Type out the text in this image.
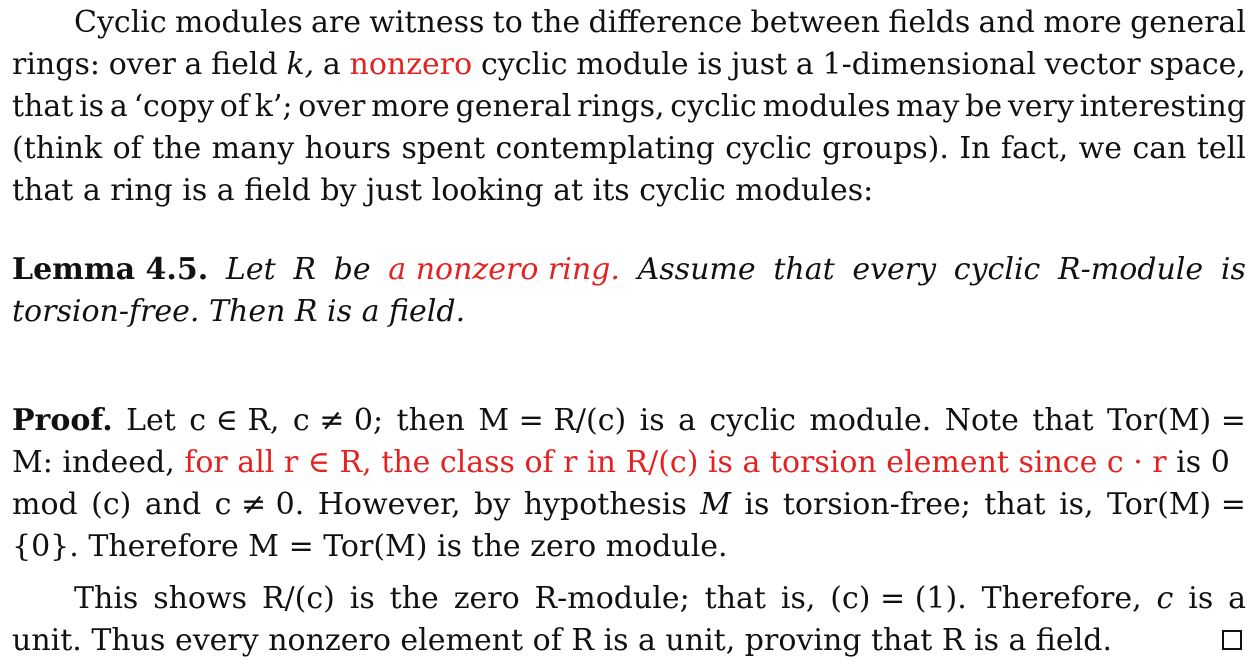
Cyclic modules are witness to the difference between fields and more general
rings: over a field k, a nonzero cyclic module is just a 1-dimensional vector space,
that is a ‘copy of k’; over more general rings, cyclic modules may be very interesting
(think of the many hours spent contemplating cyclic groups). In fact, we can tell
that a ring is a field by just looking at its cyclic modules:
Lemma 4.5. Let R be a nonzero ring. Assume that every cyclic R-module is
torsion-free. Then R is a field.
Proof. Let c ∈ R, c ≠ 0; then M = R/(c) is a cyclic module. Note that Tor(M) =
M: indeed, for all r ∈ R, the class of r in R/(c) is a torsion element since c · r is 0
mod (c) and c ≠ 0. However, by hypothesis M is torsion-free; that is, Tor(M) =
{0}. Therefore M = Tor(M) is the zero module.
This shows R/(c) is the zero R-module; that is, (c) = (1). Therefore, c is a
unit. Thus every nonzero element of R is a unit, proving that R is a field.
